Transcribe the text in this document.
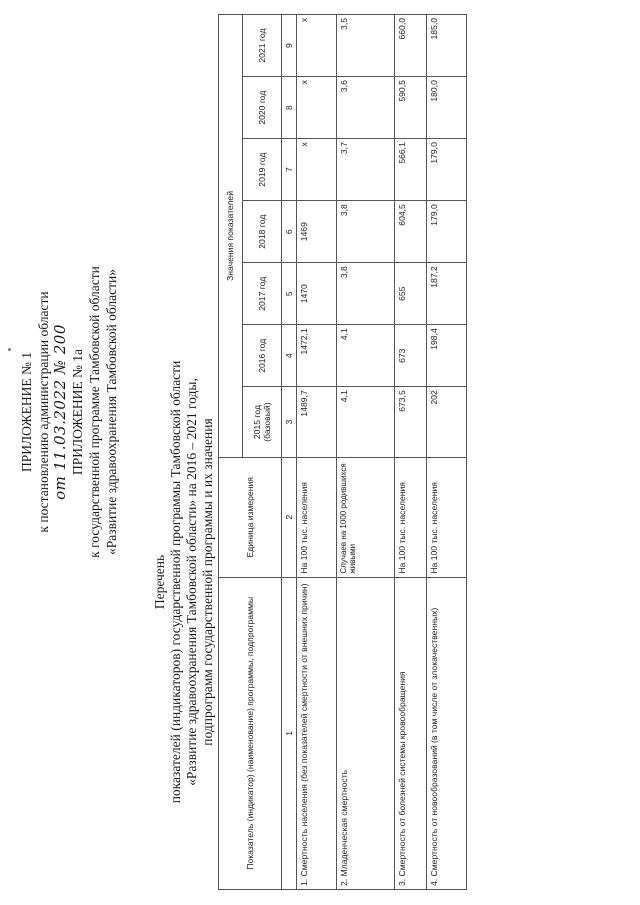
ПРИЛОЖЕНИЕ № 1 к постановлению администрации области от 11.03.2022 № 200 ПРИЛОЖЕНИЕ № 1а к государственной программе Тамбовской области «Развитие здравоохранения Тамбовской области»
Перечень показателей (индикаторов) государственной программы Тамбовской области «Развитие здравоохранения Тамбовской области» на 2016 – 2021 годы, подпрограмм государственной программы и их значения	Показатель (индикатор) (наименование) программы, подпрограммы	Единица измерения	Значения показателей						
		2015 год (базовый)	2016 год	2017 год	2018 год	2019 год	2020 год	2021 год
1	2	3	4	5	6	7	8	9
1. Смертность населения (без показателей смертности от внешних причин)	На 100 тыс. населения	1489,7	1472,1	1470	1469	х	х	х
2. Младенческая смертность	Случаев на 1000 родившихся живыми	4,1	4,1	3,8	3,8	3,7	3,6	3,5
3. Смертность от болезней системы кровообращения	На 100 тыс. населения	673,5	673	655	604,5	566,1	590,5	660,0
4. Смертность от новообразований (в том числе от злокачественных)	На 100 тыс. населения	202	198,4	187,2	179,0	179,0	180,0	185,0
